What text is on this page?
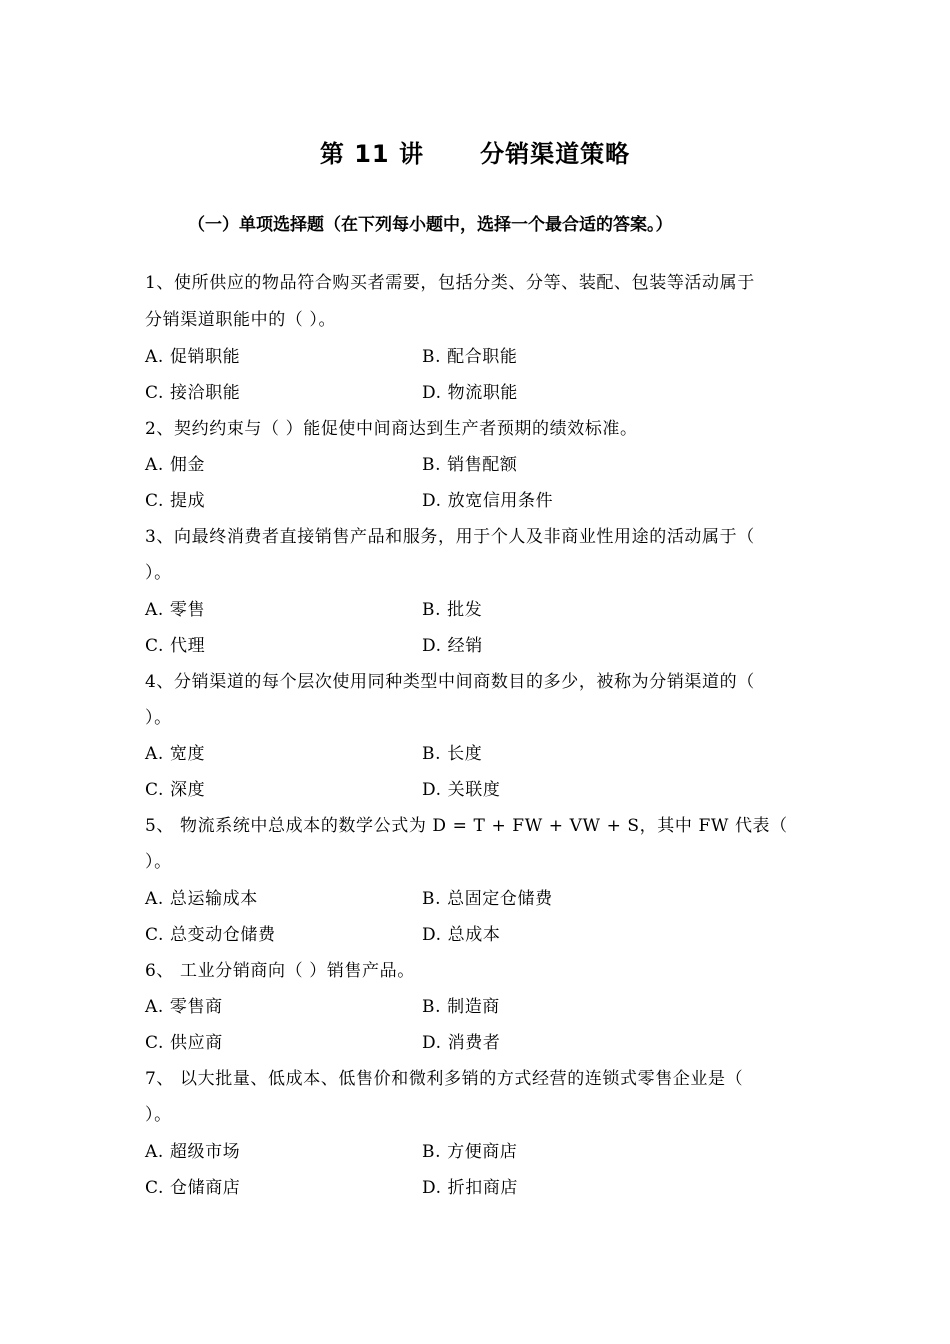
第 11 讲      分销渠道策略
（一）单项选择题（在下列每小题中，选择一个最合适的答案。）
1、使所供应的物品符合购买者需要，包括分类、分等、装配、包装等活动属于
分销渠道职能中的（ ）。
A. 促销职能	B. 配合职能
C. 接洽职能	D. 物流职能
2、契约约束与（ ）能促使中间商达到生产者预期的绩效标准。
A. 佣金	B. 销售配额
C. 提成	D. 放宽信用条件
3、向最终消费者直接销售产品和服务，用于个人及非商业性用途的活动属于（
）。
A. 零售	B. 批发
C. 代理	D. 经销
4、分销渠道的每个层次使用同种类型中间商数目的多少，被称为分销渠道的（
）。
A. 宽度	B. 长度
C. 深度	D. 关联度
5、 物流系统中总成本的数学公式为 D = T + FW + VW + S，其中 FW 代表（
）。
A. 总运输成本	B. 总固定仓储费
C. 总变动仓储费	D. 总成本
6、 工业分销商向（ ）销售产品。
A. 零售商	B. 制造商
C. 供应商	D. 消费者
7、 以大批量、低成本、低售价和微利多销的方式经营的连锁式零售企业是（
）。
A. 超级市场	B. 方便商店
C. 仓储商店	D. 折扣商店
